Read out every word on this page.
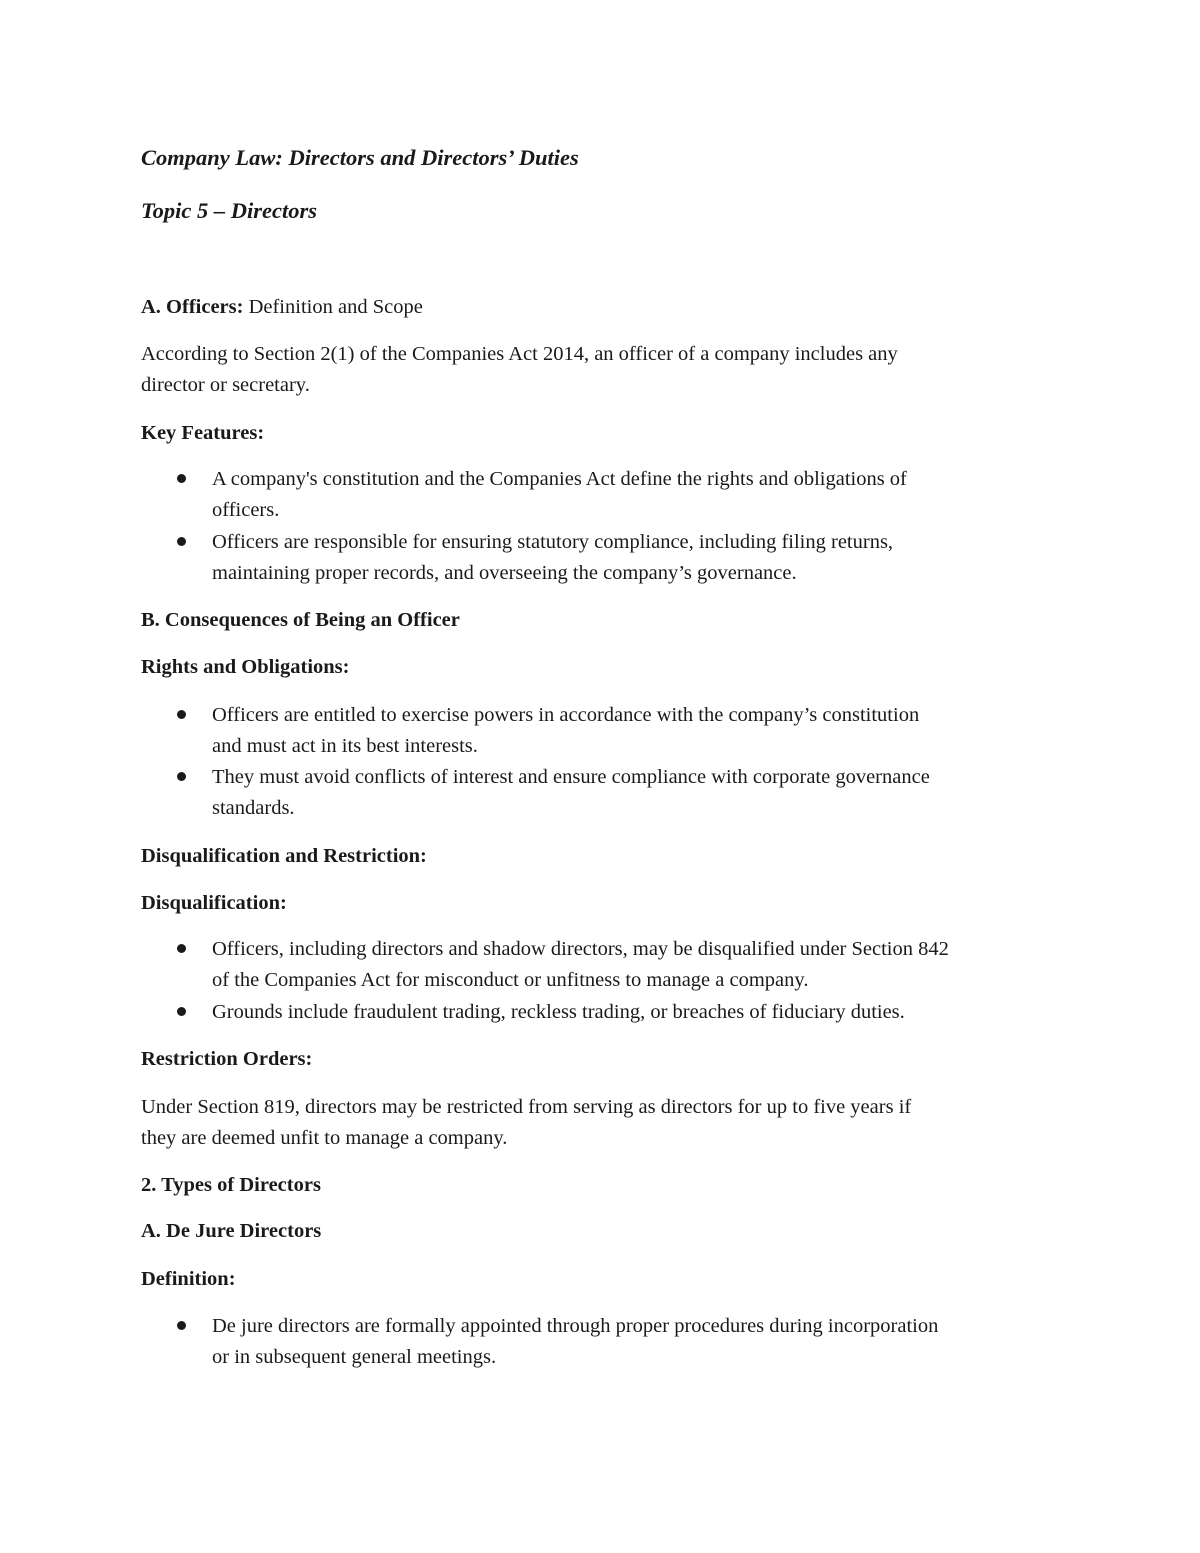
Company Law: Directors and Directors’ Duties
Topic 5 – Directors
A. Officers: Definition and Scope
According to Section 2(1) of the Companies Act 2014, an officer of a company includes any
director or secretary.
Key Features:
A company's constitution and the Companies Act define the rights and obligations of
officers.
Officers are responsible for ensuring statutory compliance, including filing returns,
maintaining proper records, and overseeing the company’s governance.
B. Consequences of Being an Officer
Rights and Obligations:
Officers are entitled to exercise powers in accordance with the company’s constitution
and must act in its best interests.
They must avoid conflicts of interest and ensure compliance with corporate governance
standards.
Disqualification and Restriction:
Disqualification:
Officers, including directors and shadow directors, may be disqualified under Section 842
of the Companies Act for misconduct or unfitness to manage a company.
Grounds include fraudulent trading, reckless trading, or breaches of fiduciary duties.
Restriction Orders:
Under Section 819, directors may be restricted from serving as directors for up to five years if
they are deemed unfit to manage a company.
2. Types of Directors
A. De Jure Directors
Definition:
De jure directors are formally appointed through proper procedures during incorporation
or in subsequent general meetings.
